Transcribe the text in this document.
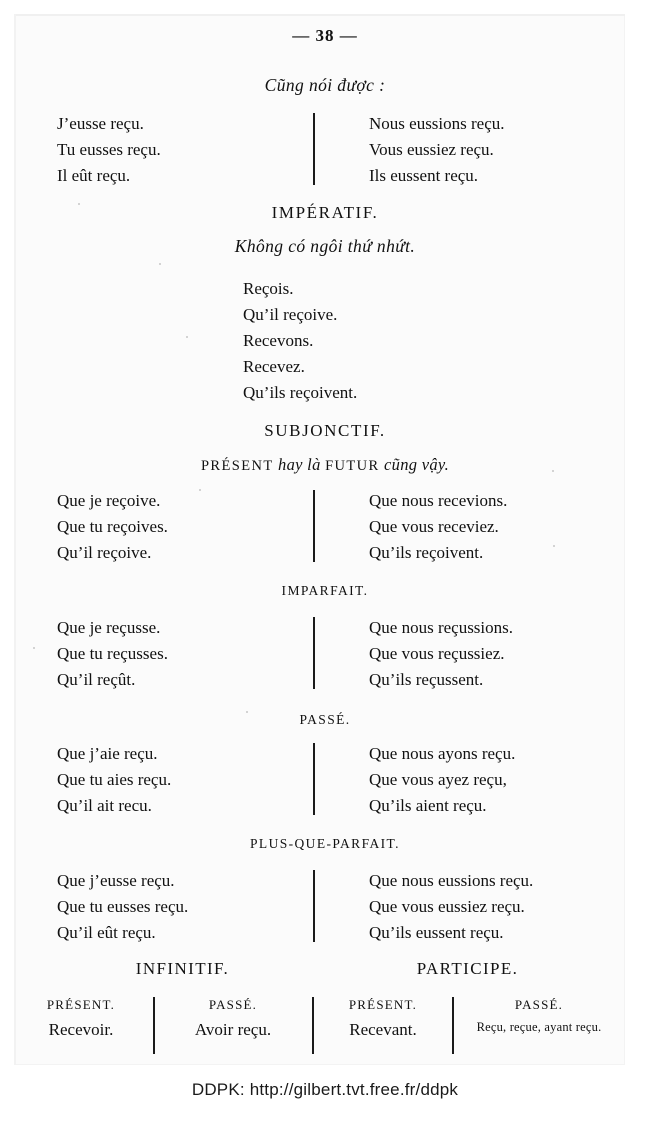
— 38 —
Cũng nói được :
J’eusse reçu.
Tu eusses reçu.
Il eût reçu.
Nous eussions reçu.
Vous eussiez reçu.
Ils eussent reçu.
IMPÉRATIF.
Không có ngôi thứ nhứt.
Reçois.
Qu’il reçoive.
Recevons.
Recevez.
Qu’ils reçoivent.
SUBJONCTIF.
PRÉSENT hay là FUTUR cũng vậy.
Que je reçoive.
Que tu reçoives.
Qu’il reçoive.
Que nous recevions.
Que vous receviez.
Qu’ils reçoivent.
IMPARFAIT.
Que je reçusse.
Que tu reçusses.
Qu’il reçût.
Que nous reçussions.
Que vous reçussiez.
Qu’ils reçussent.
PASSÉ.
Que j’aie reçu.
Que tu aies reçu.
Qu’il ait recu.
Que nous ayons reçu.
Que vous ayez reçu,
Qu’ils aient reçu.
PLUS-QUE-PARFAIT.
Que j’eusse reçu.
Que tu eusses reçu.
Qu’il eût reçu.
Que nous eussions reçu.
Que vous eussiez reçu.
Qu’ils eussent reçu.
INFINITIF.	PARTICIPE.
PRÉSENT.
Recevoir.
PASSÉ.
Avoir reçu.
PRÉSENT.
Recevant.
PASSÉ.
Reçu, reçue, ayant reçu.
DDPK: http://gilbert.tvt.free.fr/ddpk
